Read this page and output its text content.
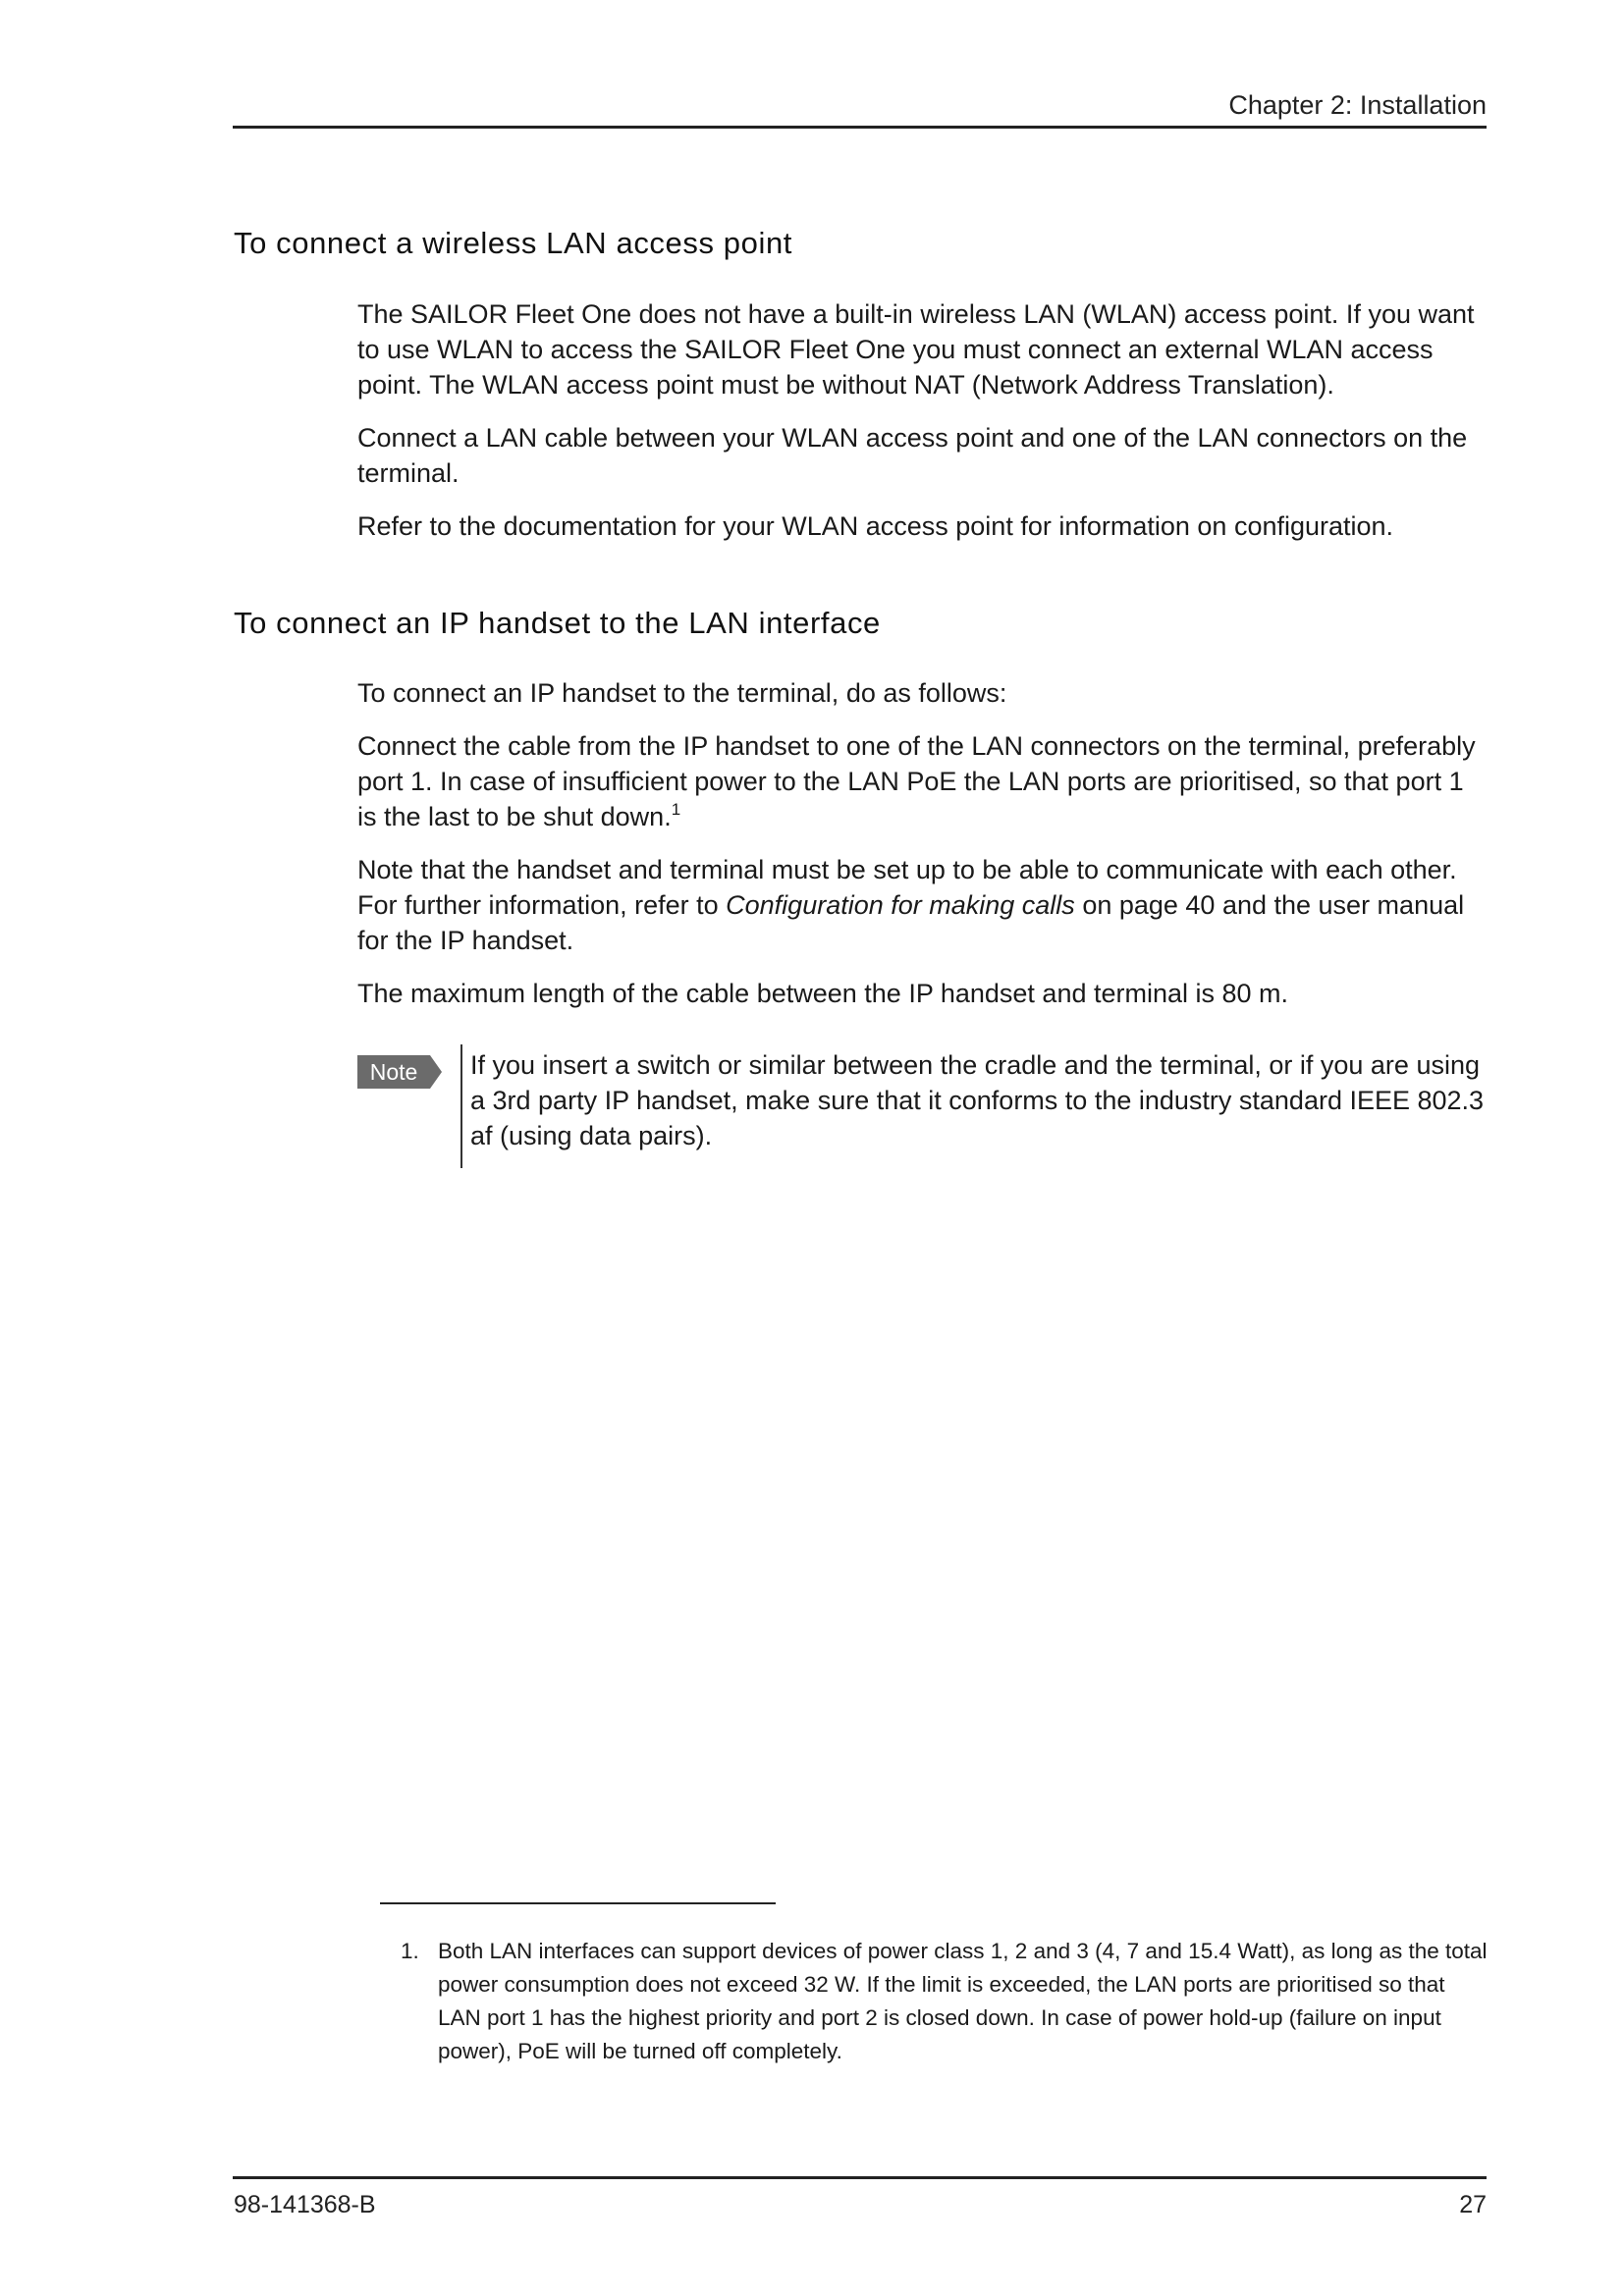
Chapter 2: Installation
To connect a wireless LAN access point

The SAILOR Fleet One does not have a built-in wireless LAN (WLAN) access point. If you want to use WLAN to access the SAILOR Fleet One you must connect an external WLAN access point. The WLAN access point must be without NAT (Network Address Translation).

Connect a LAN cable between your WLAN access point and one of the LAN connectors on the terminal.

Refer to the documentation for your WLAN access point for information on configuration.

To connect an IP handset to the LAN interface

To connect an IP handset to the terminal, do as follows:

Connect the cable from the IP handset to one of the LAN connectors on the terminal, preferably port 1. In case of insufficient power to the LAN PoE the LAN ports are prioritised, so that port 1 is the last to be shut down.$^1$

Note that the handset and terminal must be set up to be able to communicate with each other. For further information, refer to Configuration for making calls on page 40 and the user manual for the IP handset.

The maximum length of the cable between the IP handset and terminal is 80 m.

Note	If you insert a switch or similar between the cradle and the terminal, or if you are using a 3rd party IP handset, make sure that it conforms to the industry standard IEEE 802.3 af (using data pairs).

1. Both LAN interfaces can support devices of power class 1, 2 and 3 (4, 7 and 15.4 Watt), as long as the total power consumption does not exceed 32 W. If the limit is exceeded, the LAN ports are prioritised so that LAN port 1 has the highest priority and port 2 is closed down. In case of power hold-up (failure on input power), PoE will be turned off completely.
98-141368-B	27
